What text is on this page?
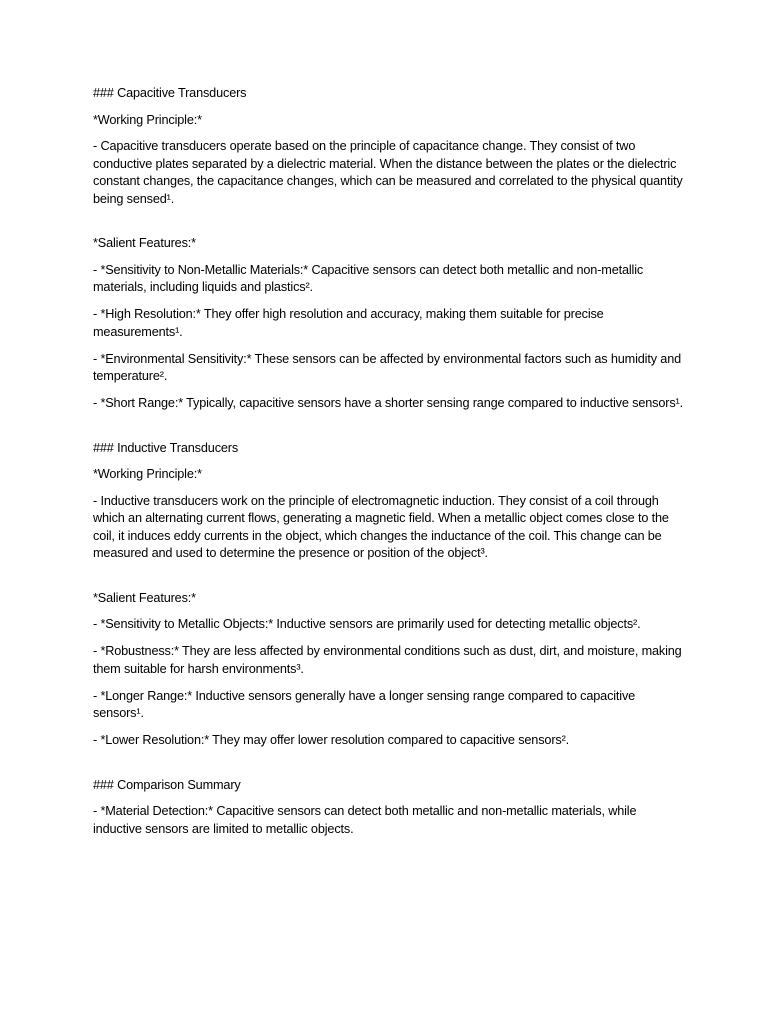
### Capacitive Transducers

*Working Principle:*

- Capacitive transducers operate based on the principle of capacitance change. They consist of two conductive plates separated by a dielectric material. When the distance between the plates or the dielectric constant changes, the capacitance changes, which can be measured and correlated to the physical quantity being sensed¹.

*Salient Features:*

- *Sensitivity to Non-Metallic Materials:* Capacitive sensors can detect both metallic and non-metallic materials, including liquids and plastics².

- *High Resolution:* They offer high resolution and accuracy, making them suitable for precise measurements¹.

- *Environmental Sensitivity:* These sensors can be affected by environmental factors such as humidity and temperature².

- *Short Range:* Typically, capacitive sensors have a shorter sensing range compared to inductive sensors¹.

### Inductive Transducers

*Working Principle:*

- Inductive transducers work on the principle of electromagnetic induction. They consist of a coil through which an alternating current flows, generating a magnetic field. When a metallic object comes close to the coil, it induces eddy currents in the object, which changes the inductance of the coil. This change can be measured and used to determine the presence or position of the object³.

*Salient Features:*

- *Sensitivity to Metallic Objects:* Inductive sensors are primarily used for detecting metallic objects².

- *Robustness:* They are less affected by environmental conditions such as dust, dirt, and moisture, making them suitable for harsh environments³.

- *Longer Range:* Inductive sensors generally have a longer sensing range compared to capacitive sensors¹.

- *Lower Resolution:* They may offer lower resolution compared to capacitive sensors².

### Comparison Summary

- *Material Detection:* Capacitive sensors can detect both metallic and non-metallic materials, while inductive sensors are limited to metallic objects.
